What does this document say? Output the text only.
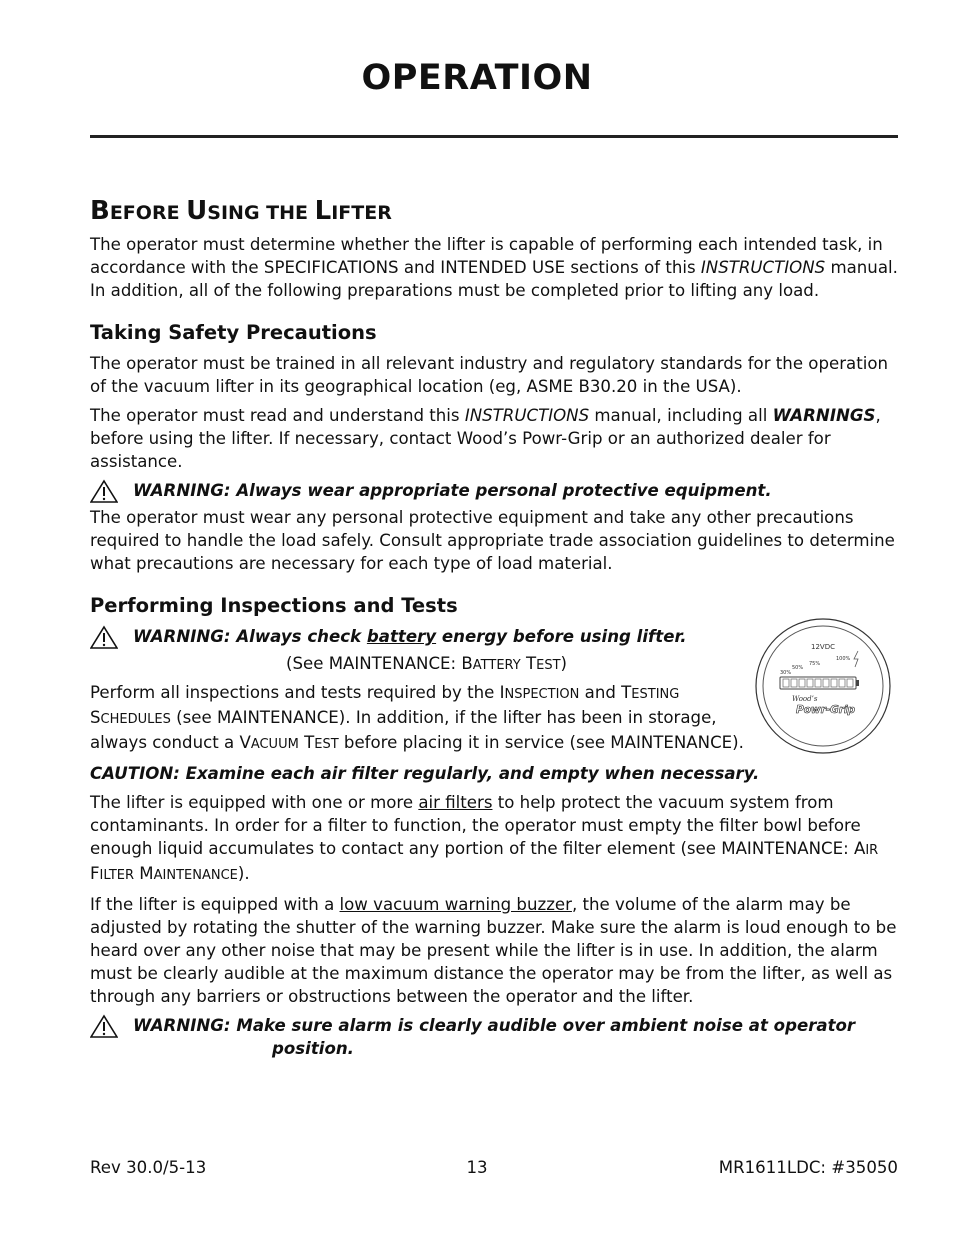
OPERATION
BEFORE USING THE LIFTER

The operator must determine whether the lifter is capable of performing each intended task, in accordance with the SPECIFICATIONS and INTENDED USE sections of this INSTRUCTIONS manual. In addition, all of the following preparations must be completed prior to lifting any load.

Taking Safety Precautions

The operator must be trained in all relevant industry and regulatory standards for the operation of the vacuum lifter in its geographical location (eg, ASME B30.20 in the USA).

The operator must read and understand this INSTRUCTIONS manual, including all WARNINGS, before using the lifter. If necessary, contact Wood’s Powr-Grip or an authorized dealer for assistance.

WARNING: Always wear appropriate personal protective equipment.

The operator must wear any personal protective equipment and take any other precautions required to handle the load safely. Consult appropriate trade association guidelines to determine what precautions are necessary for each type of load material.

Performing Inspections and Tests
WARNING: Always check battery energy before using lifter.

(See MAINTENANCE: BATTERY TEST)

Perform all inspections and tests required by the INSPECTION and TESTING SCHEDULES (see MAINTENANCE). In addition, if the lifter has been in storage, always conduct a VACUUM TEST before placing it in service (see MAINTENANCE).

CAUTION: Examine each air filter regularly, and empty when necessary.

The lifter is equipped with one or more air filters to help protect the vacuum system from contaminants. In order for a filter to function, the operator must empty the filter bowl before enough liquid accumulates to contact any portion of the filter element (see MAINTENANCE: AIR FILTER MAINTENANCE).

If the lifter is equipped with a low vacuum warning buzzer, the volume of the alarm may be adjusted by rotating the shutter of the warning buzzer. Make sure the alarm is loud enough to be heard over any other noise that may be present while the lifter is in use. In addition, the alarm must be clearly audible at the maximum distance the operator may be from the lifter, as well as through any barriers or obstructions between the operator and the lifter.

WARNING: Make sure alarm is clearly audible over ambient noise at operator
position.
12VDC
30%
50%
75%
100%
Wood’s
Powr-Grip
Rev 30.0/5-13	13	MR1611LDC: #35050
